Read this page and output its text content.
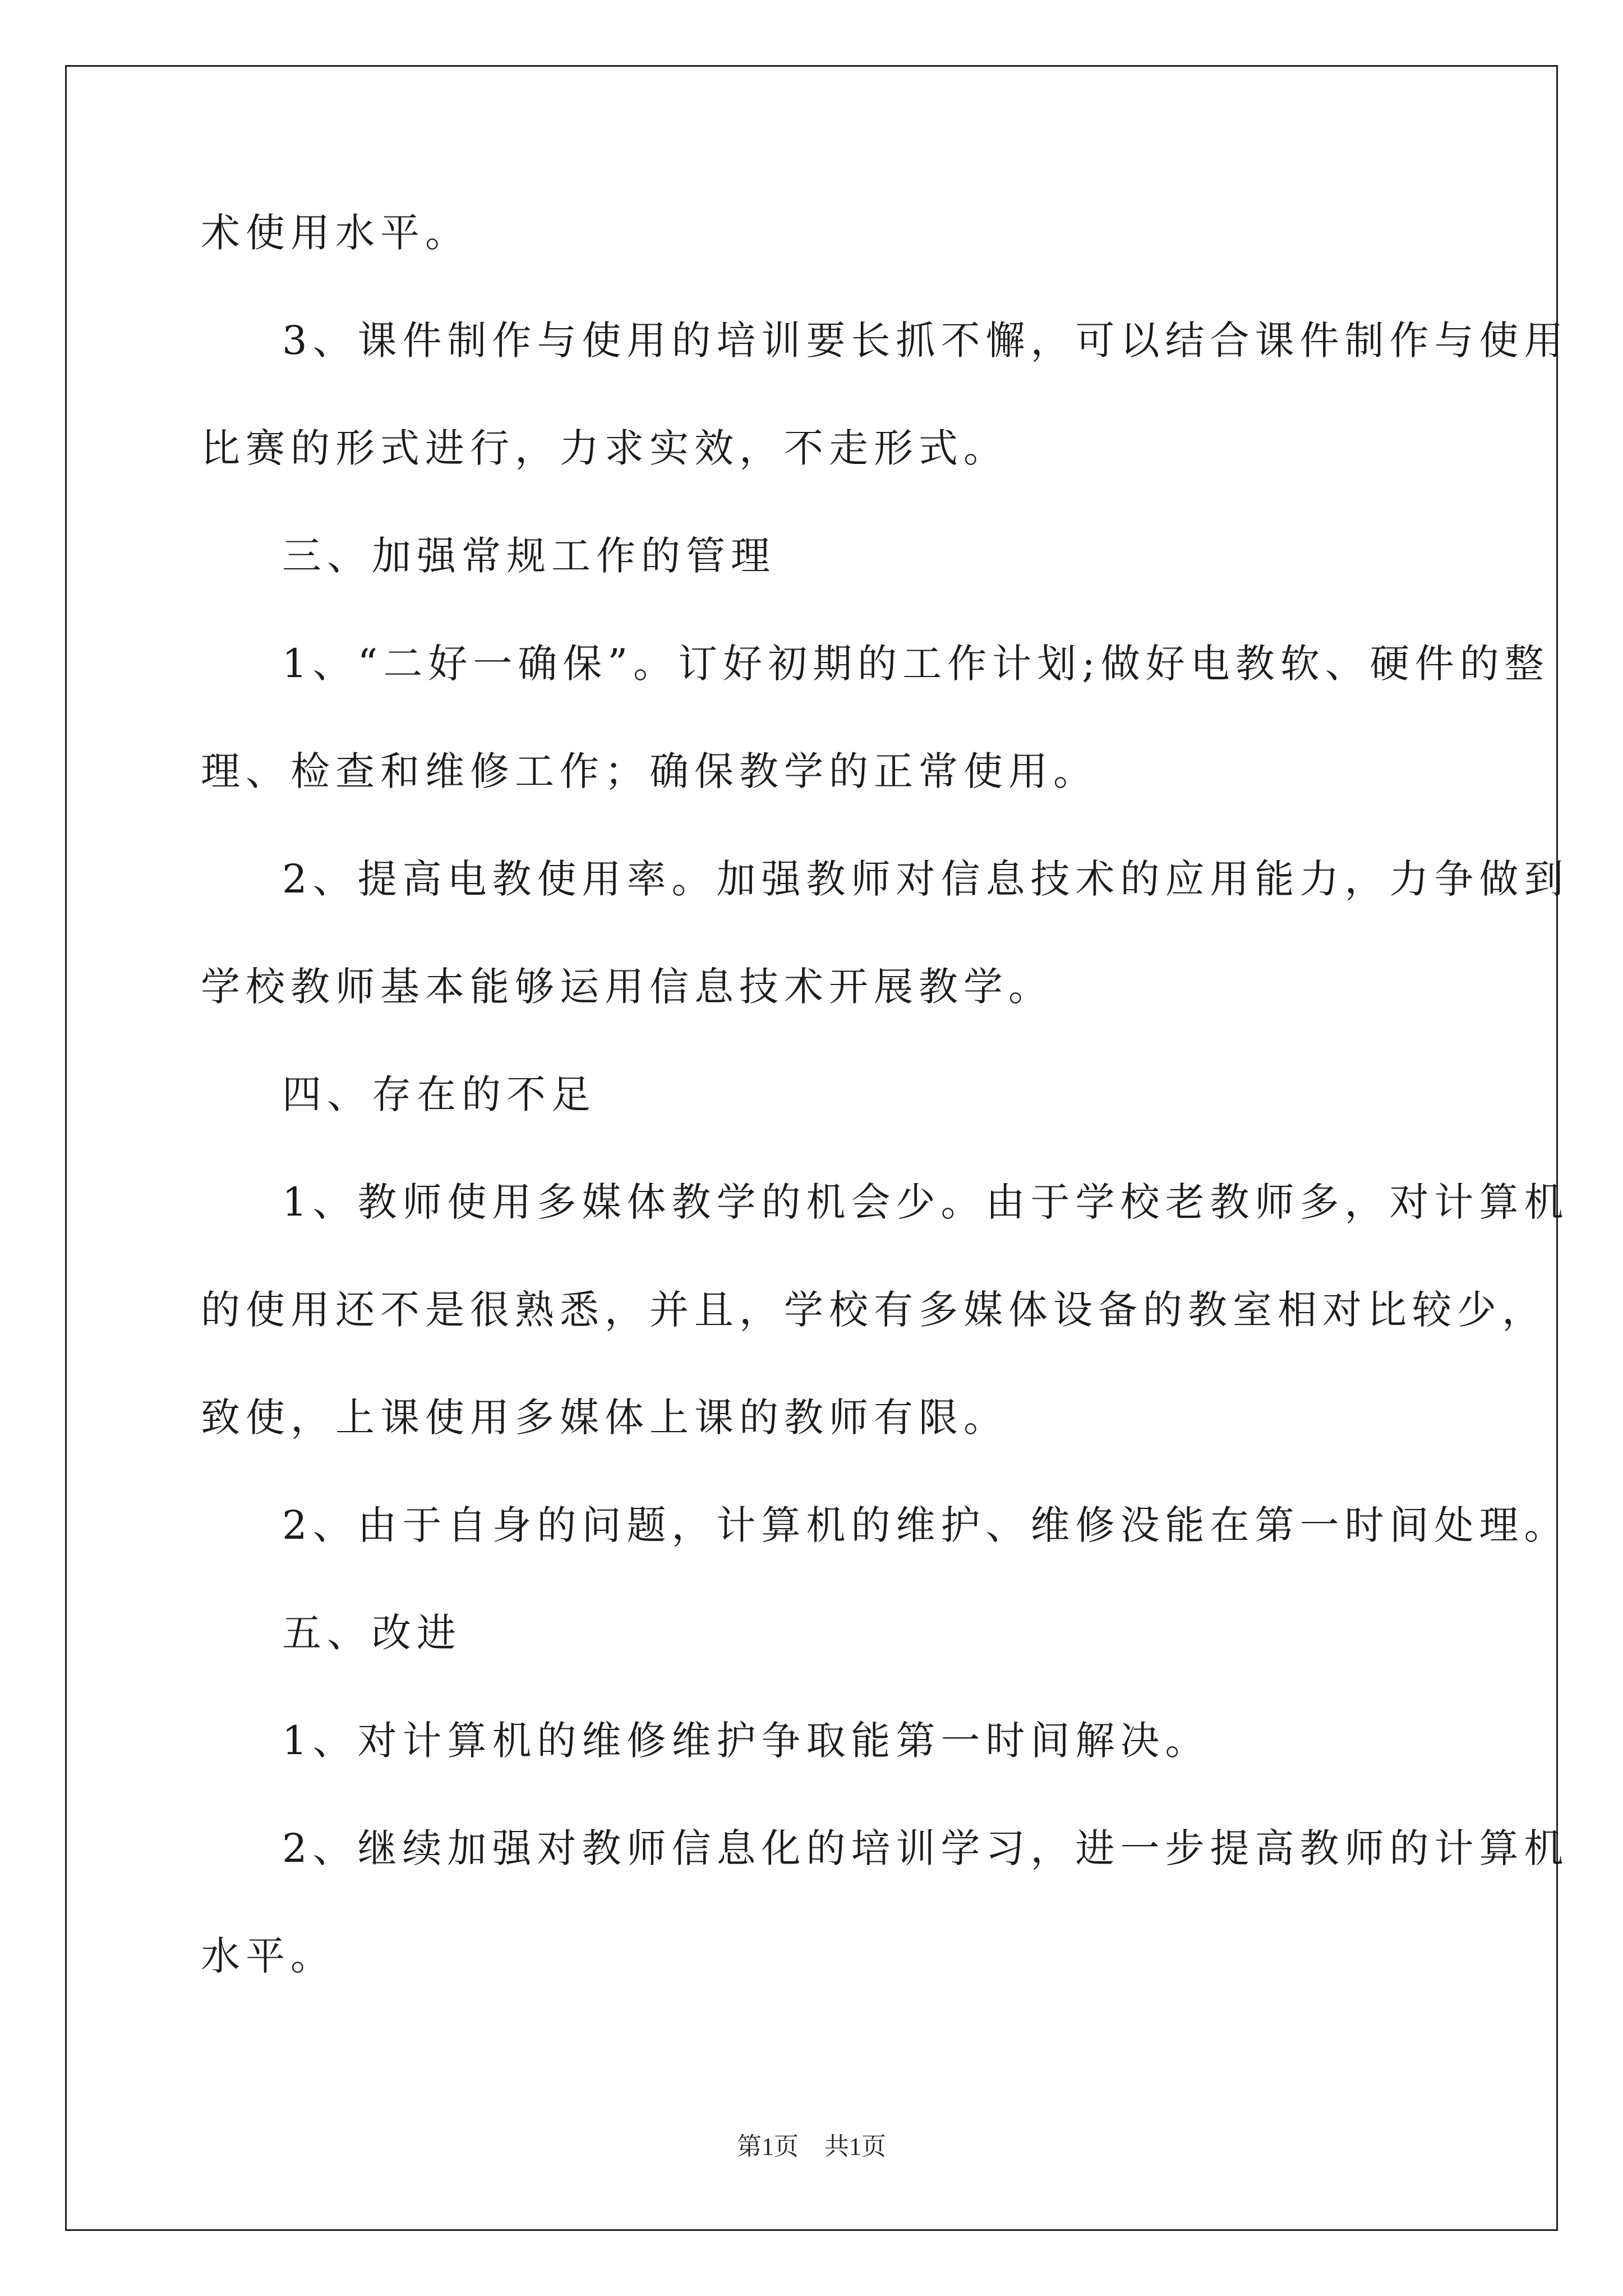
术使用水平。
3、课件制作与使用的培训要长抓不懈，可以结合课件制作与使用
比赛的形式进行，力求实效，不走形式。
三、加强常规工作的管理
1、“二好一确保”。订好初期的工作计划;做好电教软、硬件的整
理、检查和维修工作；确保教学的正常使用。
2、提高电教使用率。加强教师对信息技术的应用能力，力争做到
学校教师基本能够运用信息技术开展教学。
四、存在的不足
1、教师使用多媒体教学的机会少。由于学校老教师多，对计算机
的使用还不是很熟悉，并且，学校有多媒体设备的教室相对比较少，
致使，上课使用多媒体上课的教师有限。
2、由于自身的问题，计算机的维护、维修没能在第一时间处理。
五、改进
1、对计算机的维修维护争取能第一时间解决。
2、继续加强对教师信息化的培训学习，进一步提高教师的计算机
水平。
第1页 共1页
